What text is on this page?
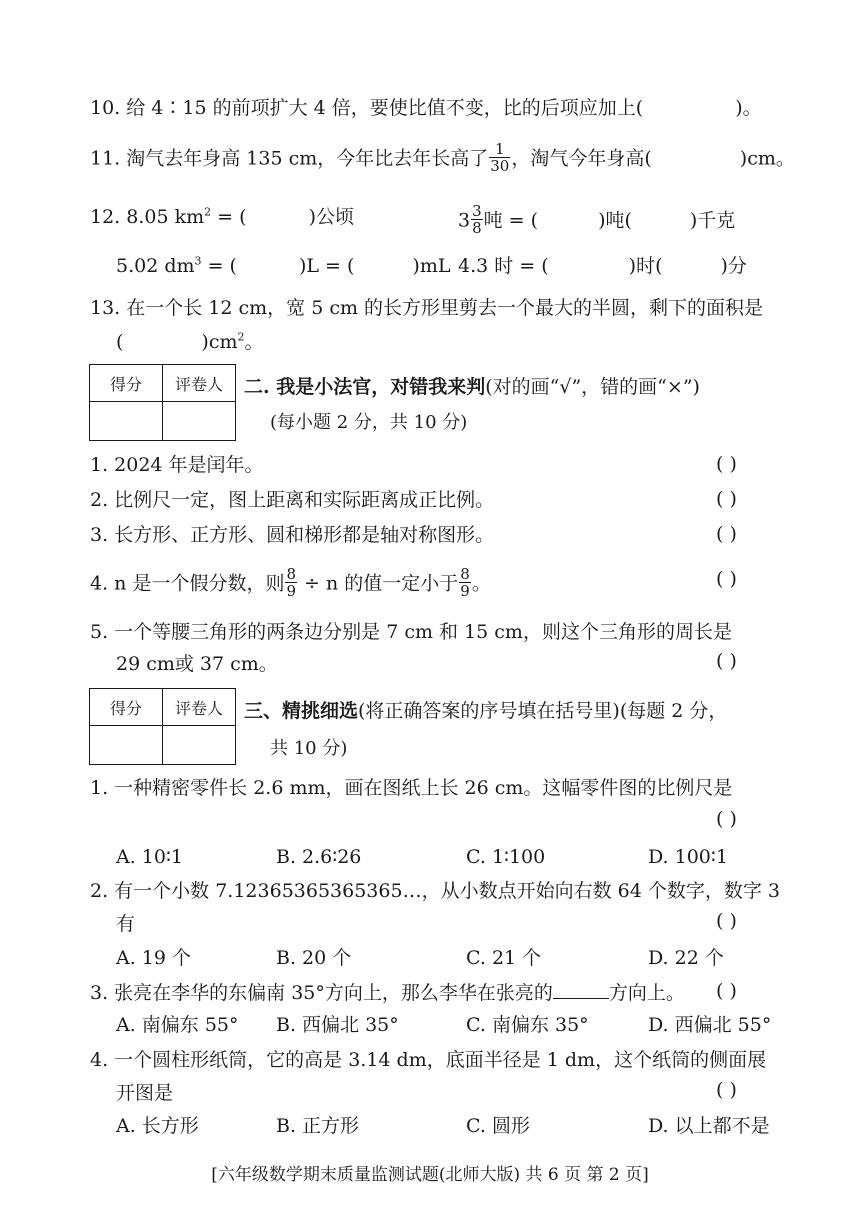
10. 给 4∶15 的前项扩大 4 倍，要使比值不变，比的后项应加上(	)。
11. 淘气去年身高 135 cm，今年比去年长高了 $\frac{1}{30}$ ，淘气今年身高(	)cm。
12. 8.05 $km^2$ = (	)公顷	$3 \frac{3}{8}$ 吨 = (	)吨(	)千克
5.02 $dm^3$ = (	)L = (	)mL 4.3 时 = (	)时(	)分
13. 在一个长 12 cm，宽 5 cm 的长方形里剪去一个最大的半圆，剩下的面积是
(	)$cm^2$。
得分	评卷人
	二. 我是小法官，对错我来判(对的画“√”，错的画“×”)
(每小题 2 分，共 10 分)
1. 2024 年是闰年。	( )
2. 比例尺一定，图上距离和实际距离成正比例。	( )
3. 长方形、正方形、圆和梯形都是轴对称图形。	( )
4. n 是一个假分数，则 $\frac{8}{9} \div n$ 的值一定小于 $\frac{8}{9}$ 。	( )
5. 一个等腰三角形的两条边分别是 7 cm 和 15 cm，则这个三角形的周长是
29 cm或 37 cm。	( )
得分	评卷人
	三、精挑细选(将正确答案的序号填在括号里)(每题 2 分，
共 10 分)
1. 一种精密零件长 2.6 mm，画在图纸上长 26 cm。这幅零件图的比例尺是
( )
A. 10∶1	B. 2.6∶26	C. 1∶100	D. 100∶1
2. 有一个小数 7.12365365365365…，从小数点开始向右数 64 个数字，数字 3
有	( )
A. 19 个	B. 20 个	C. 21 个	D. 22 个
3. 张亮在李华的东偏南 35°方向上，那么李华在张亮的	方向上。 ( )
A. 南偏东 55° B. 西偏北 35°	C. 南偏东 35°	D. 西偏北 55°
4. 一个圆柱形纸筒，它的高是 3.14 dm，底面半径是 1 dm，这个纸筒的侧面展
开图是	( )
A. 长方形	B. 正方形	C. 圆形	D. 以上都不是
[六年级数学期末质量监测试题(北师大版) 共 6 页 第 2 页]
